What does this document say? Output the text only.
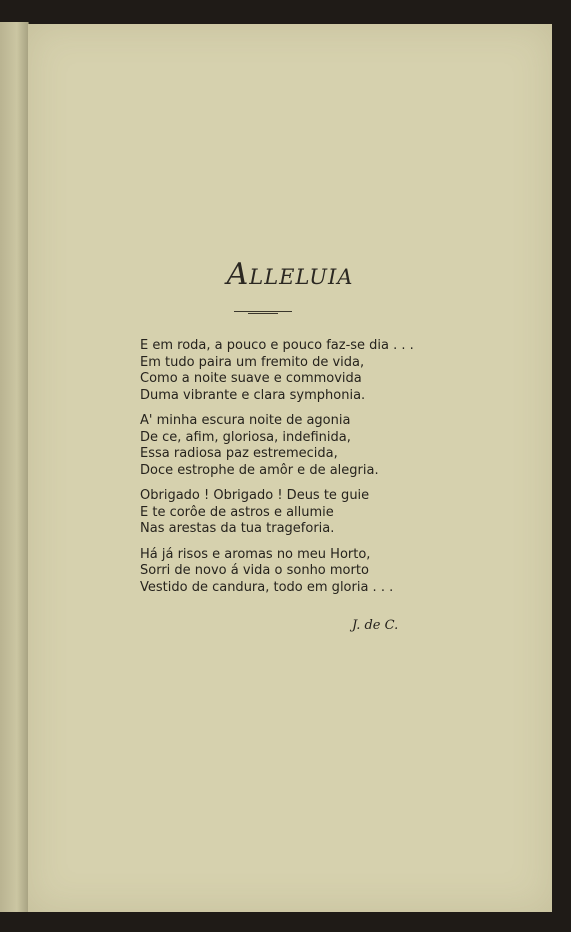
Alleluia
E em roda, a pouco e pouco faz-se dia . . .
Em tudo paira um fremito de vida,
Como a noite suave e commovida
Duma vibrante e clara symphonia.
A' minha escura noite de agonia
De ce, afim, gloriosa, indefinida,
Essa radiosa paz estremecida,
Doce estrophe de amôr e de alegria.
Obrigado ! Obrigado ! Deus te guie
E te corôe de astros e allumie
Nas arestas da tua trageforia.
Há já risos e aromas no meu Horto,
Sorri de novo á vida o sonho morto
Vestido de candura, todo em gloria . . .
J. de C.
